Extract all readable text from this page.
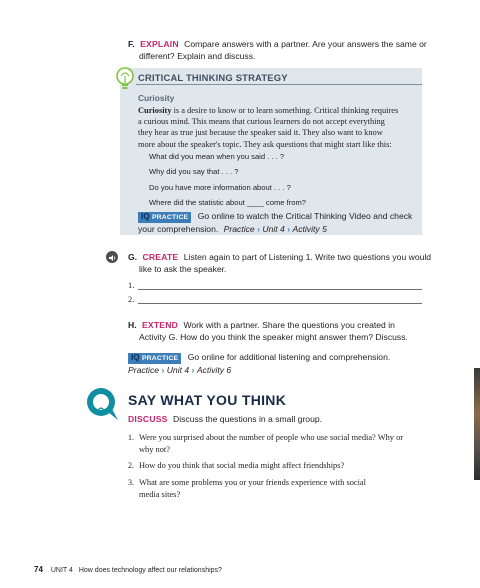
F. EXPLAIN Compare answers with a partner. Are your answers the same or
different? Explain and discuss.
CRITICAL THINKING STRATEGY
Curiosity
Curiosity is a desire to know or to learn something. Critical thinking requires
a curious mind. This means that curious learners do not accept everything
they hear as true just because the speaker said it. They also want to know
more about the speaker's topic. They ask questions that might start like this:
What did you mean when you said . . . ?
Why did you say that . . . ?
Do you have more information about . . . ?
Where did the statistic about ____ come from?
IQ PRACTICE Go online to watch the Critical Thinking Video and check
your comprehension. Practice › Unit 4 › Activity 5
G. CREATE Listen again to part of Listening 1. Write two questions you would
like to ask the speaker.
1.
2.
H. EXTEND Work with a partner. Share the questions you created in
Activity G. How do you think the speaker might answer them? Discuss.
IQ PRACTICE Go online for additional listening and comprehension.
Practice › Unit 4 › Activity 6
?
SAY WHAT YOU THINK
DISCUSS Discuss the questions in a small group.
1. Were you surprised about the number of people who use social media? Why or
why not?
2. How do you think that social media might affect friendships?
3. What are some problems you or your friends experience with social
media sites?
74 UNIT 4 How does technology affect our relationships?
